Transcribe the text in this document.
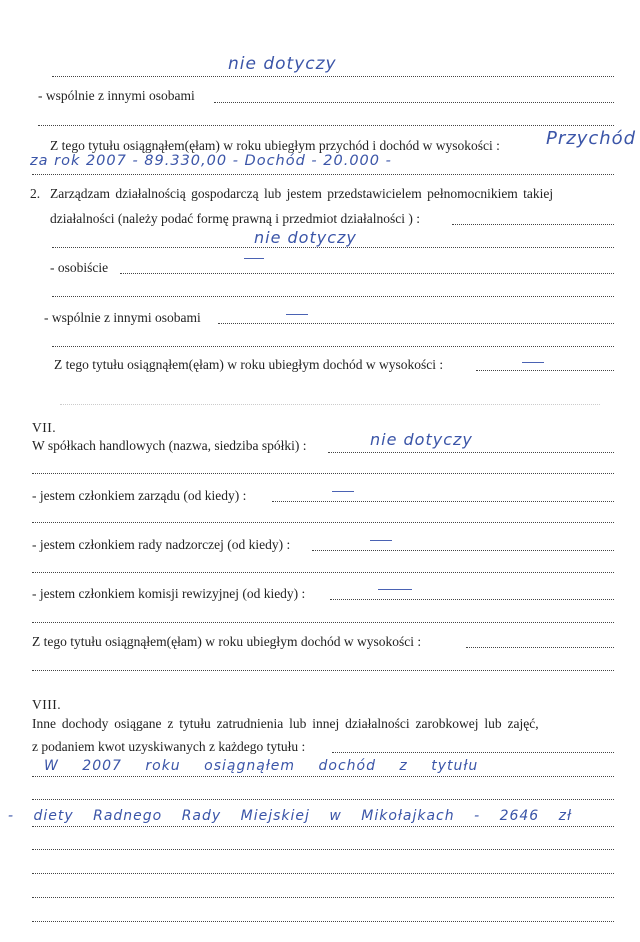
nie dotyczy
- wspólnie z innymi osobami
Z tego tytułu osiągnąłem(ęłam) w roku ubiegłym przychód i dochód w wysokości :	Przychód
za rok 2007 - 89.330,00 - Dochód - 20.000 -
2. Zarządzam działalnością gospodarczą lub jestem przedstawicielem pełnomocnikiem takiej
działalności (należy podać formę prawną i przedmiot działalności ) :
nie dotyczy
- osobiście
- wspólnie z innymi osobami
Z tego tytułu osiągnąłem(ęłam) w roku ubiegłym dochód w wysokości :
VII.
W spółkach handlowych (nazwa, siedziba spółki) :	nie dotyczy
- jestem członkiem zarządu (od kiedy) :
- jestem członkiem rady nadzorczej (od kiedy) :
- jestem członkiem komisji rewizyjnej (od kiedy) :
Z tego tytułu osiągnąłem(ęłam) w roku ubiegłym dochód w wysokości :
VIII.
Inne dochody osiągane z tytułu zatrudnienia lub innej działalności zarobkowej lub zajęć,
z podaniem kwot uzyskiwanych z każdego tytułu :
W 2007 roku osiągnąłem dochód z tytułu
- diety Radnego Rady Miejskiej w Mikołajkach - 2646 zł
